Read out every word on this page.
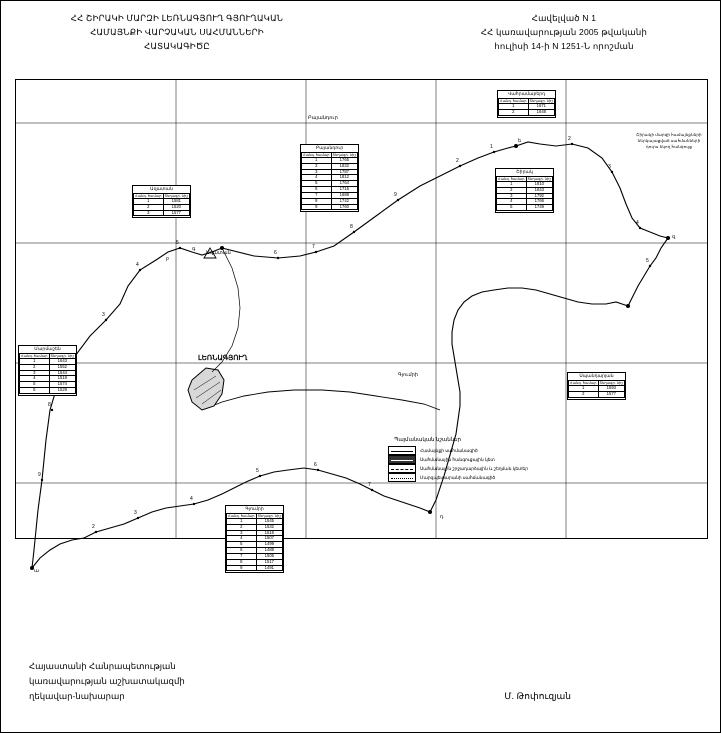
ՀՀ ՇԻՐԱԿԻ ՄԱՐԶԻ ԼԵՌՆԱԳՅՈՒՂ ԳՅՈՒՂԱԿԱՆ
ՀԱՄԱՅՆՔԻ ՎԱՐՉԱԿԱՆ ՍԱՀՄԱՆՆԵՐԻ
ՀԱՏԱԿԱԳԻԾԸ
Հավելված N 1
ՀՀ կառավարության 2005 թվականի
հուլիսի 14-ի N 1251-Ն որոշման
3
4
5
6
7
8
9
2
1
2
3
4
5
2
3
4
5
6
7
8
9
ա
բ
գ
դ
ե
զ
ԼԵՌՆԱԳՅՈՒՂ
Ազատան
Բայանդուր
Գյումրի
Շիրակի մարզի համայնքների
ներկայացված սահմանների
դուրս եկող հանգույց
Բայանդուր
Հանգ. համար	Տեղագր. նիշ
1	1765
2	1832
3	1787
4	1812
5	1764
6	1715
7	1688
8	1742
9	1760
Ազատան
Հանգ. համար	Տեղագր. նիշ
1	1581
2	1520
3	1577
Մարմաշեն
Հանգ. համար	Տեղագր. նիշ
1	1643
2	1552
3	1544
4	1519
5	1574
6	1529
Գյումրի
Հանգ. համար	Տեղագր. նիշ
1	1545
2	1532
3	1516
4	1507
5	1499
6	1488
7	1505
8	1517
9	1491
Վահրամաբերդ
Հանգ. համար	Տեղագր. նիշ
1	1671
2	1648
Շիրակ
Հանգ. համար	Տեղագր. նիշ
1	1810
2	1843
3	1792
4	1766
5	1749
Սպանդարյան
Հանգ. համար	Տեղագր. նիշ
1	1593
2	1577
Պայմանական նշաններ
Համայնքի սահմանագիծ
Սահմանային հանգուցային կետ
Սահմանային շրջադարձային և շեղման կետեր
Մարզպետարանի սահմանագիծ
Հայաստանի Հանրապետության
կառավարության աշխատակազմի
ղեկավար-նախարար	Մ. Թոփուզյան
